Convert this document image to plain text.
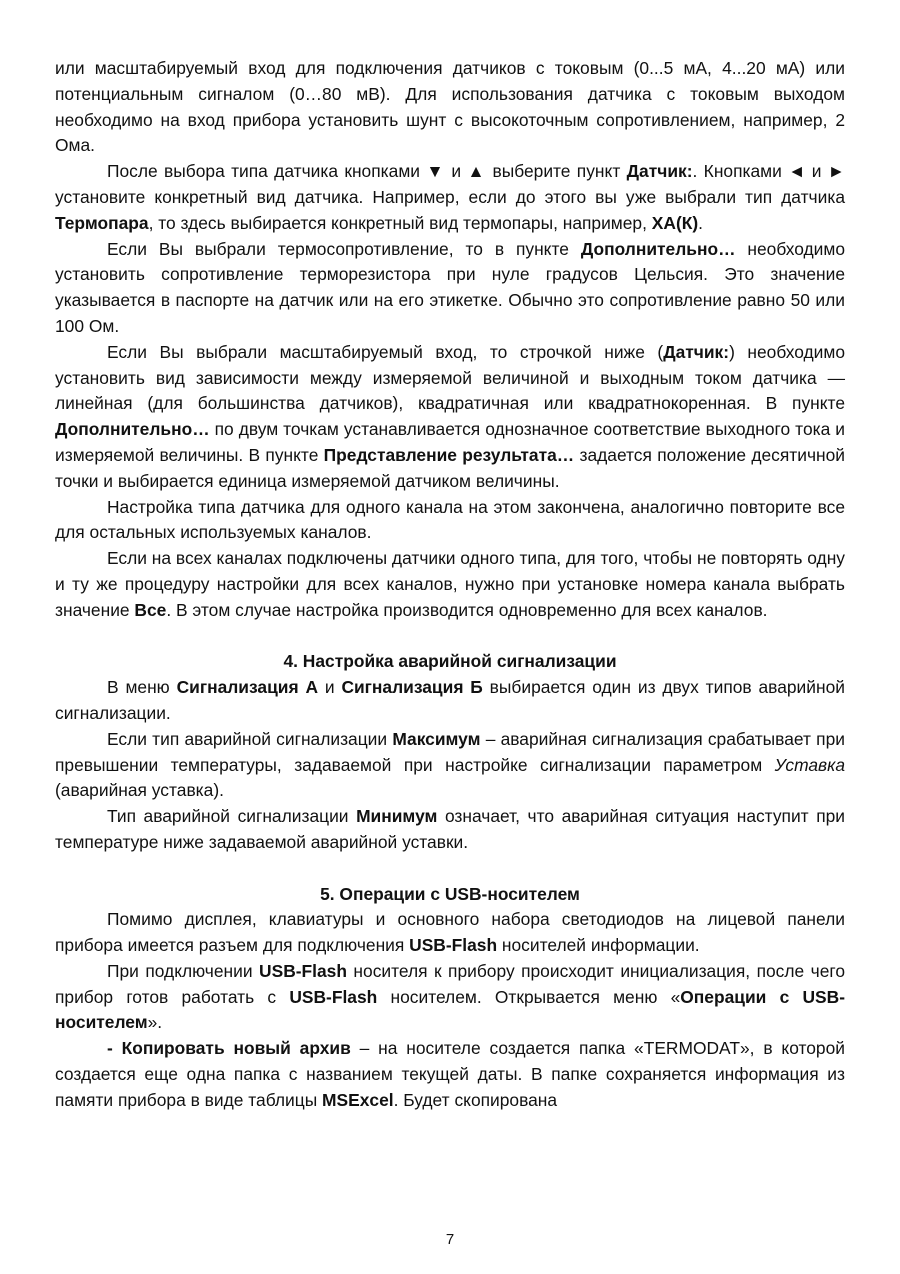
или масштабируемый вход для подключения датчиков с токовым (0...5 мА, 4...20 мА) или потенциальным сигналом (0…80 мВ). Для использования датчика с токовым выходом необходимо на вход прибора установить шунт с высокоточным сопротивлением, например, 2 Ома.

После выбора типа датчика кнопками ▼ и ▲ выберите пункт Датчик:. Кнопками ◄ и ► установите конкретный вид датчика. Например, если до этого вы уже выбрали тип датчика Термопара, то здесь выбирается конкретный вид термопары, например, ХА(К).

Если Вы выбрали термосопротивление, то в пункте Дополнительно… необходимо установить сопротивление терморезистора при нуле градусов Цельсия. Это значение указывается в паспорте на датчик или на его этикетке. Обычно это сопротивление равно 50 или 100 Ом.

Если Вы выбрали масштабируемый вход, то строчкой ниже (Датчик:) необходимо установить вид зависимости между измеряемой величиной и выходным током датчика — линейная (для большинства датчиков), квадратичная или квадратнокоренная. В пункте Дополнительно… по двум точкам устанавливается однозначное соответствие выходного тока и измеряемой величины. В пункте Представление результата… задается положение десятичной точки и выбирается единица измеряемой датчиком величины.

Настройка типа датчика для одного канала на этом закончена, аналогично повторите все для остальных используемых каналов.

Если на всех каналах подключены датчики одного типа, для того, чтобы не повторять одну и ту же процедуру настройки для всех каналов, нужно при установке номера канала выбрать значение Все. В этом случае настройка производится одновременно для всех каналов.

4. Настройка аварийной сигнализации

В меню Сигнализация А и Сигнализация Б выбирается один из двух типов аварийной сигнализации.

Если тип аварийной сигнализации Максимум – аварийная сигнализация срабатывает при превышении температуры, задаваемой при настройке сигнализации параметром Уставка (аварийная уставка).

Тип аварийной сигнализации Минимум означает, что аварийная ситуация наступит при температуре ниже задаваемой аварийной уставки.

5. Операции с USB-носителем

Помимо дисплея, клавиатуры и основного набора светодиодов на лицевой панели прибора имеется разъем для подключения USB-Flash носителей информации.

При подключении USB-Flash носителя к прибору происходит инициализация, после чего прибор готов работать с USB-Flash носителем. Открывается меню «Операции с USB-носителем».

- Копировать новый архив – на носителе создается папка «TERMODAT», в которой создается еще одна папка с названием текущей даты. В папке сохраняется информация из памяти прибора в виде таблицы MSExcel. Будет скопирована

7
